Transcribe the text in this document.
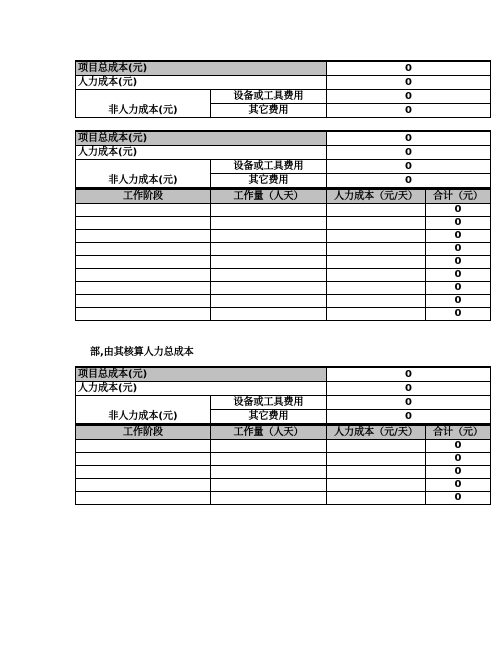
项目总成本(元)		0
人力成本(元)		0
非人力成本(元)	设备或工具费用	0
	其它费用	0
项目总成本(元)		0
人力成本(元)		0
非人力成本(元)	设备或工具费用	0
	其它费用	0
工作阶段	工作量（人天）	人力成本（元/天）	合计（元）
			0
			0
			0
			0
			0
			0
			0
			0
			0
部,由其核算人力总成本
项目总成本(元)		0
人力成本(元)		0
非人力成本(元)	设备或工具费用	0
	其它费用	0
工作阶段	工作量（人天）	人力成本（元/天）	合计（元）
			0
			0
			0
			0
			0
